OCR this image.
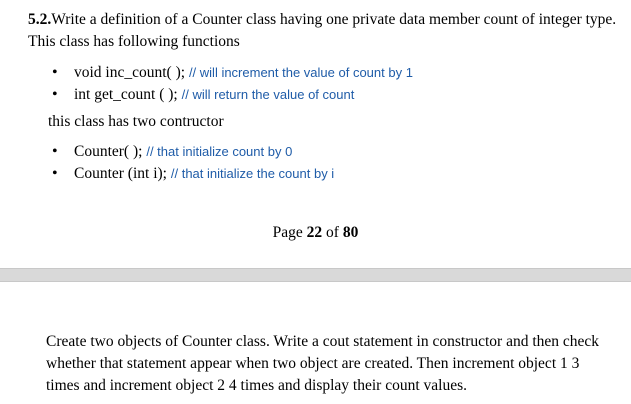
5.2.Write a definition of a Counter class having one private data member count of integer type. This class has following functions
• void inc_count( ); // will increment the value of count by 1
• int get_count ( ); // will return the value of count
this class has two contructor
• Counter( ); // that initialize count by 0
• Counter (int i); // that initialize the count by i
Page 22 of 80
Create two objects of Counter class. Write a cout statement in constructor and then check whether that statement appear when two object are created. Then increment object 1 3 times and increment object 2 4 times and display their count values.
